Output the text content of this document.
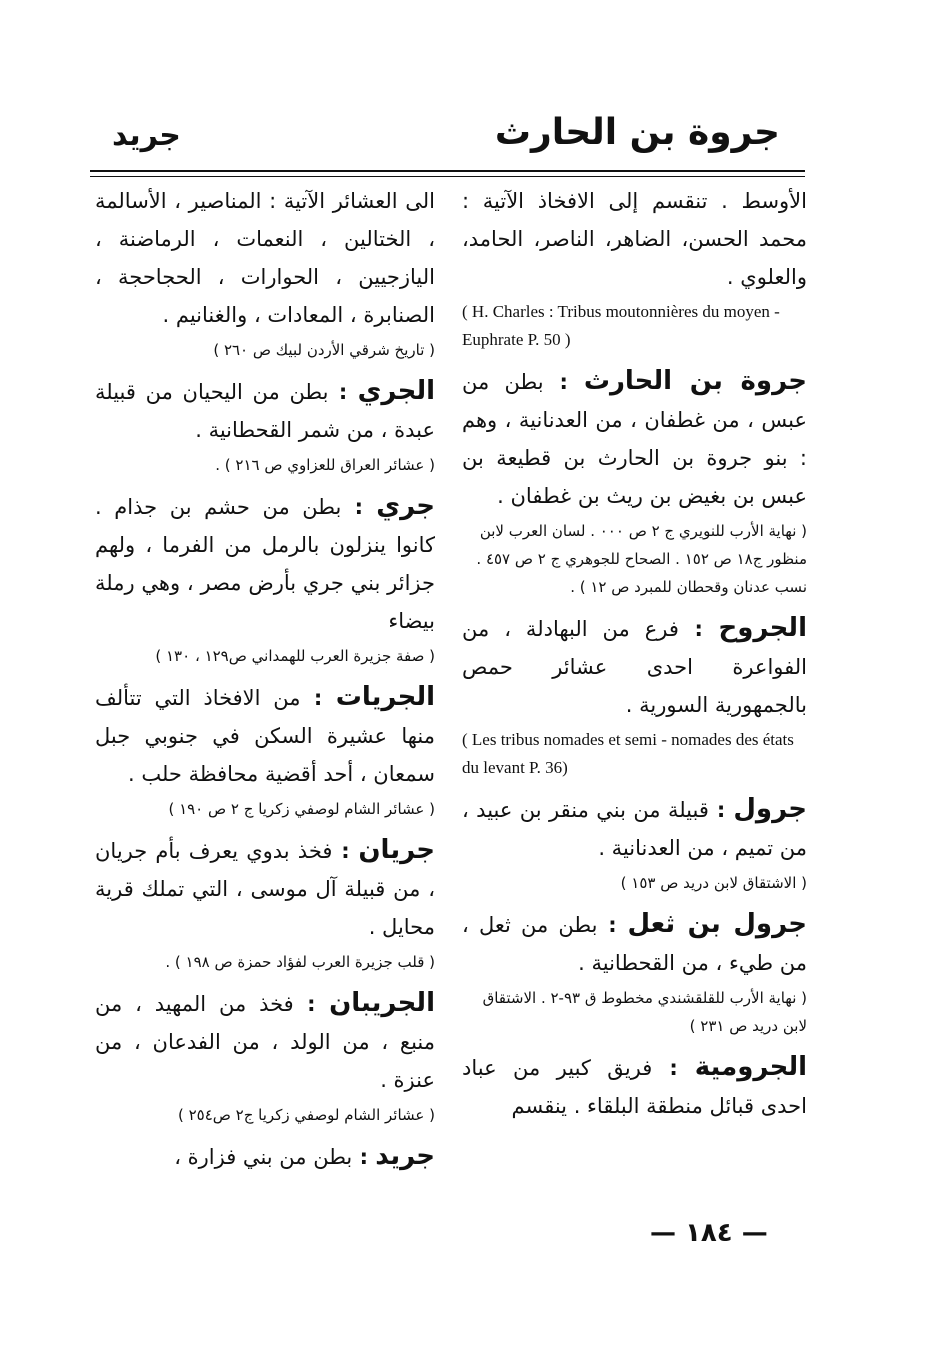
جروة بن الحارث
جريد

الأوسط . تنقسم إلى الافخاذ الآتية : محمد الحسن، الضاهر، الناصر، الحامد، والعلوي .

( H. Charles : Tribus moutonnières du moyen - Euphrate P. 50 )

جروة بن الحارث : بطن من عبس ، من غطفان ، من العدنانية ، وهم : بنو جروة بن الحارث بن قطيعة بن عبس بن بغيض بن ريث بن غطفان .

( نهاية الأرب للنويري ج ٢ ص ٠٠٠ . لسان العرب لابن منظور ج١٨ ص ١٥٢ . الصحاح للجوهري ج ٢ ص ٤٥٧ . نسب عدنان وقحطان للمبرد ص ١٢ ) .

الجروح : فرع من البهادلة ، من الفواعرة احدى عشائر حمص بالجمهورية السورية .

( Les tribus nomades et semi - nomades des états du levant P. 36)

جرول : قبيلة من بني منقر بن عبيد ، من تميم ، من العدنانية .

( الاشتقاق لابن دريد ص ١٥٣ )

جرول بن ثعل : بطن من ثعل ، من طيء ، من القحطانية .

( نهاية الأرب للقلقشندي مخطوط ق ٩٣-٢ . الاشتقاق لابن دريد ص ٢٣١ )

الجرومية : فريق كبير من عباد احدى قبائل منطقة البلقاء . ينقسم

الى العشائر الآتية : المناصير ، الأسالمة ، الختالين ، النعمات ، الرماضنة ، اليازجيين ، الحوارات ، الحجاحجة ، الصنابرة ، المعادات ، والغنانيم .

( تاريخ شرقي الأردن لبيك ص ٢٦٠ )

الجري : بطن من اليحيان من قبيلة عبدة ، من شمر القحطانية .

( عشائر العراق للعزاوي ص ٢١٦ ) .

جري : بطن من حشم بن جذام . كانوا ينزلون بالرمل من الفرما ، ولهم جزائر بني جري بأرض مصر ، وهي رملة بيضاء

( صفة جزيرة العرب للهمداني ص١٢٩ ، ١٣٠ )

الجريات : من الافخاذ التي تتألف منها عشيرة السكن في جنوبي جبل سمعان ، أحد أقضية محافظة حلب .

( عشائر الشام لوصفي زكريا ج ٢ ص ١٩٠ )

جريان : فخذ بدوي يعرف بأم جريان ، من قبيلة آل موسى ، التي تملك قرية محايل .

( قلب جزيرة العرب لفؤاد حمزة ص ١٩٨ ) .

الجريبان : فخذ من المهيد ، من منبع ، من الولد ، من الفدعان ، من عنزة .

( عشائر الشام لوصفي زكريا ج٢ ص٢٥٤ )

جريد : بطن من بني فزارة ،

— ١٨٤ —
